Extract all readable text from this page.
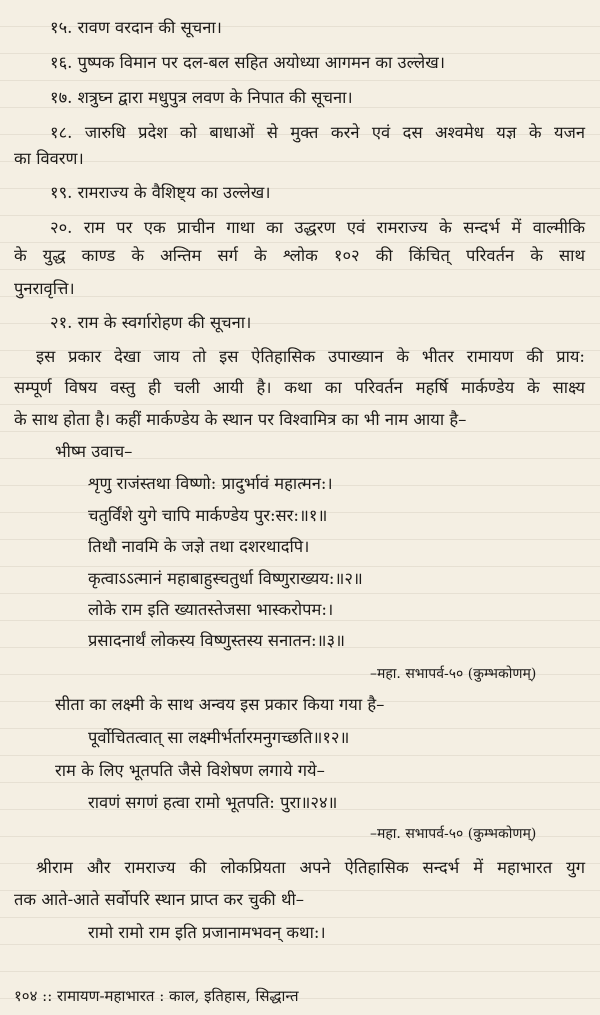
१५. रावण वरदान की सूचना।
१६. पुष्पक विमान पर दल-बल सहित अयोध्या आगमन का उल्लेख।
१७. शत्रुघ्न द्वारा मधुपुत्र लवण के निपात की सूचना।
१८. जारुधि प्रदेश को बाधाओं से मुक्त करने एवं दस अश्वमेध यज्ञ के यजन
का विवरण।
१९. रामराज्य के वैशिष्ट्य का उल्लेख।
२०. राम पर एक प्राचीन गाथा का उद्धरण एवं रामराज्य के सन्दर्भ में वाल्मीकि
के युद्ध काण्ड के अन्तिम सर्ग के श्लोक १०२ की किंचित् परिवर्तन के साथ
पुनरावृत्ति।
२१. राम के स्वर्गारोहण की सूचना।
इस प्रकार देखा जाय तो इस ऐतिहासिक उपाख्यान के भीतर रामायण की प्राय:
सम्पूर्ण विषय वस्तु ही चली आयी है। कथा का परिवर्तन महर्षि मार्कण्डेय के साक्ष्य
के साथ होता है। कहीं मार्कण्डेय के स्थान पर विश्वामित्र का भी नाम आया है–
भीष्म उवाच–
शृणु राजंस्तथा विष्णो: प्रादुर्भावं महात्मन:।
चतुर्विंशे युगे चापि मार्कण्डेय पुर:सर:॥१॥
तिथौ नावमि के जज्ञे तथा दशरथादपि।
कृत्वाऽऽत्मानं महाबाहुस्चतुर्धा विष्णुराख्यय:॥२॥
लोके राम इति ख्यातस्तेजसा भास्करोपम:।
प्रसादनार्थं लोकस्य विष्णुस्तस्य सनातन:॥३॥
–महा. सभापर्व-५० (कुम्भकोणम्)
सीता का लक्ष्मी के साथ अन्वय इस प्रकार किया गया है–
पूर्वोचितत्वात् सा लक्ष्मीर्भर्तारमनुगच्छति॥१२॥
राम के लिए भूतपति जैसे विशेषण लगाये गये–
रावणं सगणं हत्वा रामो भूतपति: पुरा॥२४॥
–महा. सभापर्व-५० (कुम्भकोणम्)
श्रीराम और रामराज्य की लोकप्रियता अपने ऐतिहासिक सन्दर्भ में महाभारत युग
तक आते-आते सर्वोपरि स्थान प्राप्त कर चुकी थी–
रामो रामो राम इति प्रजानामभवन् कथा:।
१०४ :: रामायण-महाभारत : काल, इतिहास, सिद्धान्त
